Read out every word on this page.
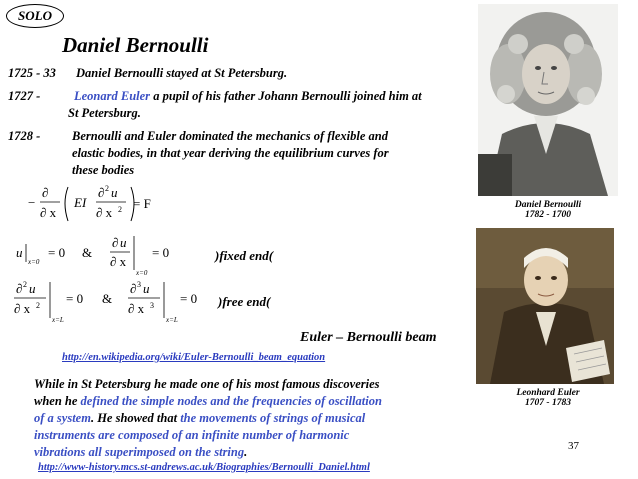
SOLO
Daniel Bernoulli
1725 - 33 Daniel Bernoulli stayed at St Petersburg.
1727 -	Leonard Euler a pupil of his father Johann Bernoulli joined him at
St Petersburg.
1728 -	Bernoulli and Euler dominated the mechanics of flexible and
elastic bodies, in that year deriving the equilibrium curves for
these bodies
−
∂
∂ x
EI
∂ 2 u
∂ x 2 = F
u
x=0
= 0 &
∂ u
∂ x
x=0
= 0	)fixed end(
∂ 2 u
∂ x 2
x=L
= 0 &
∂ 3 u
∂ x 3
x=L
= 0 )free end(
Euler – Bernoulli beam
http://en.wikipedia.org/wiki/Euler-Bernoulli_beam_equation
While in St Petersburg he made one of his most famous discoveries
when he defined the simple nodes and the frequencies of oscillation
of a system. He showed that the movements of strings of musical
instruments are composed of an infinite number of harmonic
vibrations all superimposed on the string.
http://www-history.mcs.st-andrews.ac.uk/Biographies/Bernoulli_Daniel.html
Daniel Bernoulli
1782 - 1700
Leonhard Euler
1707 - 1783
37
